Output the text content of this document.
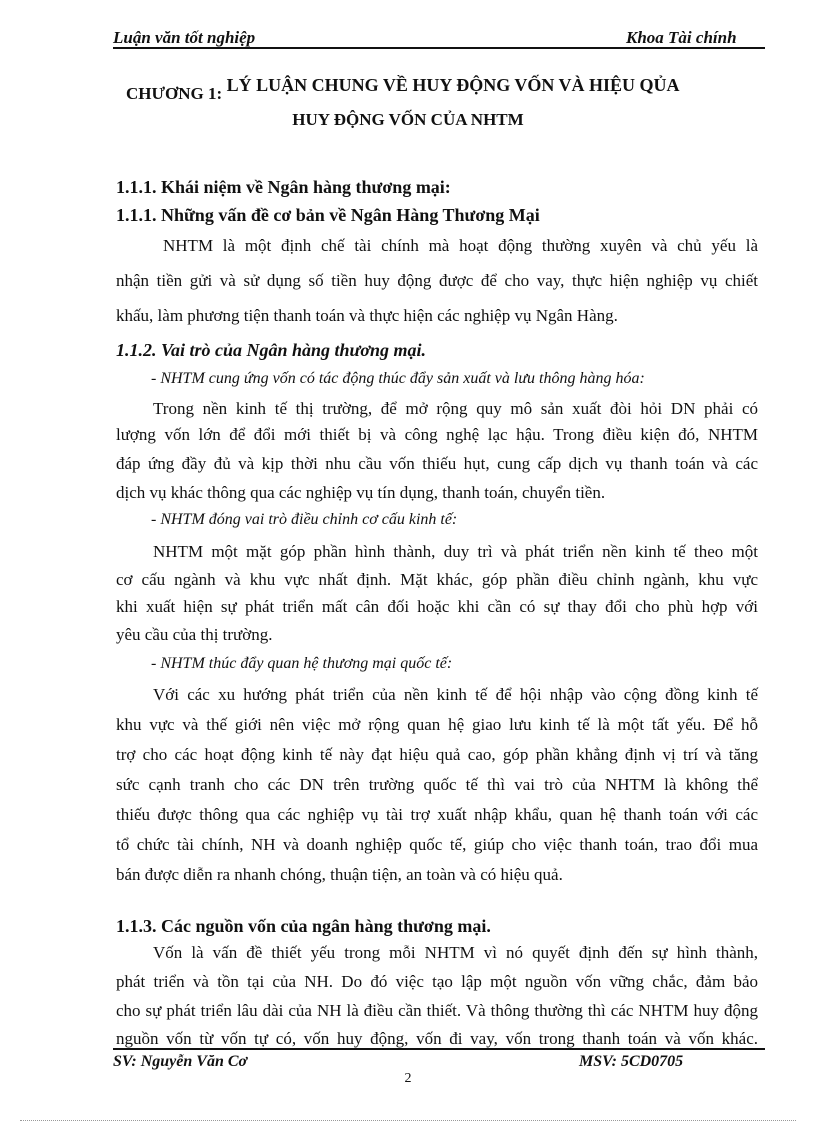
Luận văn tốt nghiệp	Khoa Tài chính
CHƯƠNG 1: LÝ LUẬN CHUNG VỀ HUY ĐỘNG VỐN VÀ HIỆU QỦA
HUY ĐỘNG VỐN CỦA NHTM
1.1.1. Khái niệm về Ngân hàng thương mại:
1.1.1. Những vấn đề cơ bản về Ngân Hàng Thương Mại
NHTM là một định chế tài chính mà hoạt động thường xuyên và chủ yếu là
nhận tiền gửi và sử dụng số tiền huy động được để cho vay, thực hiện nghiệp vụ chiết
khấu, làm phương tiện thanh toán và thực hiện các nghiệp vụ Ngân Hàng.
1.1.2. Vai trò của Ngân hàng thương mại.
- NHTM cung ứng vốn có tác động thúc đẩy sản xuất và lưu thông hàng hóa:
Trong nền kinh tế thị trường, để mở rộng quy mô sản xuất đòi hỏi DN phải có
lượng vốn lớn để đổi mới thiết bị và công nghệ lạc hậu. Trong điều kiện đó, NHTM
đáp ứng đầy đủ và kịp thời nhu cầu vốn thiếu hụt, cung cấp dịch vụ thanh toán và các
dịch vụ khác thông qua các nghiệp vụ tín dụng, thanh toán, chuyển tiền.
- NHTM đóng vai trò điều chỉnh cơ cấu kinh tế:
NHTM một mặt góp phần hình thành, duy trì và phát triển nền kinh tế theo một
cơ cấu ngành và khu vực nhất định. Mặt khác, góp phần điều chỉnh ngành, khu vực
khi xuất hiện sự phát triển mất cân đối hoặc khi cần có sự thay đổi cho phù hợp với
yêu cầu của thị trường.
- NHTM thúc đẩy quan hệ thương mại quốc tế:
Với các xu hướng phát triển của nền kinh tế để hội nhập vào cộng đồng kinh tế
khu vực và thế giới nên việc mở rộng quan hệ giao lưu kinh tế là một tất yếu. Để hỗ
trợ cho các hoạt động kinh tế này đạt hiệu quả cao, góp phần khẳng định vị trí và tăng
sức cạnh tranh cho các DN trên trường quốc tế thì vai trò của NHTM là không thể
thiếu được thông qua các nghiệp vụ tài trợ xuất nhập khẩu, quan hệ thanh toán với các
tổ chức tài chính, NH và doanh nghiệp quốc tế, giúp cho việc thanh toán, trao đổi mua
bán được diễn ra nhanh chóng, thuận tiện, an toàn và có hiệu quả.
1.1.3. Các nguồn vốn của ngân hàng thương mại.
Vốn là vấn đề thiết yếu trong mỗi NHTM vì nó quyết định đến sự hình thành,
phát triển và tồn tại của NH. Do đó việc tạo lập một nguồn vốn vững chắc, đảm bảo
cho sự phát triển lâu dài của NH là điều cần thiết. Và thông thường thì các NHTM huy động
nguồn vốn từ vốn tự có, vốn huy động, vốn đi vay, vốn trong thanh toán và vốn khác.
SV: Nguyễn Văn Cơ	MSV: 5CD0705
2
